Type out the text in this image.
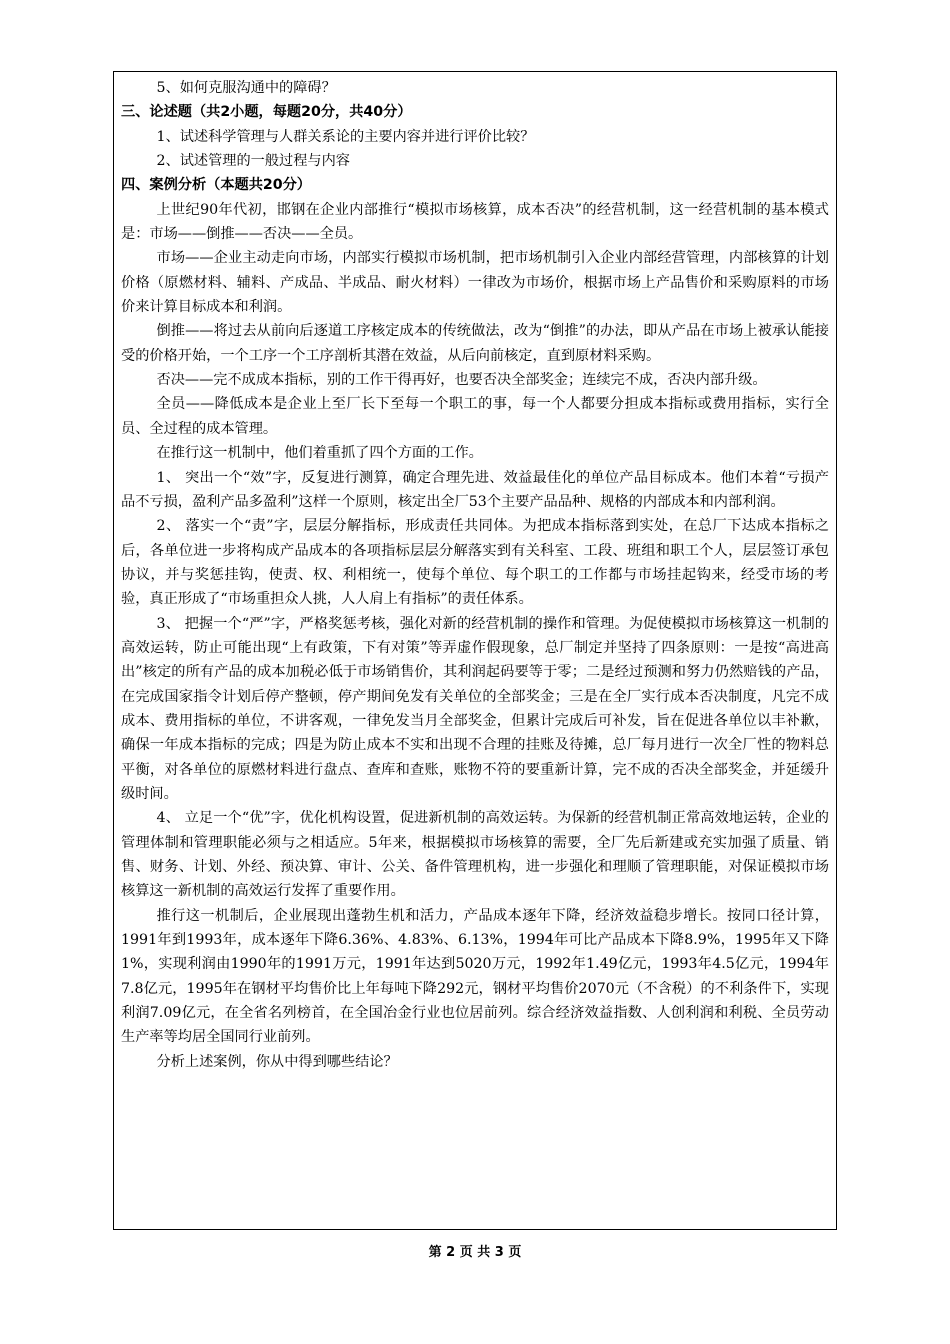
5、如何克服沟通中的障碍？

三、论述题（共2小题，每题20分，共40分）

1、试述科学管理与人群关系论的主要内容并进行评价比较？

2、试述管理的一般过程与内容

四、案例分析（本题共20分）

上世纪90年代初，邯钢在企业内部推行“模拟市场核算，成本否决”的经营机制，这一经营机制的基本模式是：市场——倒推——否决——全员。

市场——企业主动走向市场，内部实行模拟市场机制，把市场机制引入企业内部经营管理，内部核算的计划价格（原燃材料、辅料、产成品、半成品、耐火材料）一律改为市场价，根据市场上产品售价和采购原料的市场价来计算目标成本和利润。

倒推——将过去从前向后逐道工序核定成本的传统做法，改为“倒推”的办法，即从产品在市场上被承认能接受的价格开始，一个工序一个工序剖析其潜在效益，从后向前核定，直到原材料采购。

否决——完不成成本指标，别的工作干得再好，也要否决全部奖金；连续完不成，否决内部升级。

全员——降低成本是企业上至厂长下至每一个职工的事，每一个人都要分担成本指标或费用指标，实行全员、全过程的成本管理。

在推行这一机制中，他们着重抓了四个方面的工作。

1、 突出一个“效”字，反复进行测算，确定合理先进、效益最佳化的单位产品目标成本。他们本着“亏损产品不亏损，盈利产品多盈利”这样一个原则，核定出全厂53个主要产品品种、规格的内部成本和内部利润。

2、 落实一个“责”字，层层分解指标，形成责任共同体。为把成本指标落到实处，在总厂下达成本指标之后，各单位进一步将构成产品成本的各项指标层层分解落实到有关科室、工段、班组和职工个人，层层签订承包协议，并与奖惩挂钩，使责、权、利相统一，使每个单位、每个职工的工作都与市场挂起钩来，经受市场的考验，真正形成了“市场重担众人挑，人人肩上有指标”的责任体系。

3、 把握一个“严”字，严格奖惩考核，强化对新的经营机制的操作和管理。为促使模拟市场核算这一机制的高效运转，防止可能出现“上有政策，下有对策”等弄虚作假现象，总厂制定并坚持了四条原则：一是按“高进高出”核定的所有产品的成本加税必低于市场销售价，其利润起码要等于零；二是经过预测和努力仍然赔钱的产品，在完成国家指令计划后停产整顿，停产期间免发有关单位的全部奖金；三是在全厂实行成本否决制度，凡完不成成本、费用指标的单位，不讲客观，一律免发当月全部奖金，但累计完成后可补发，旨在促进各单位以丰补歉，确保一年成本指标的完成；四是为防止成本不实和出现不合理的挂账及待摊，总厂每月进行一次全厂性的物料总平衡，对各单位的原燃材料进行盘点、查库和查账，账物不符的要重新计算，完不成的否决全部奖金，并延缓升级时间。

4、 立足一个“优”字，优化机构设置，促进新机制的高效运转。为保新的经营机制正常高效地运转，企业的管理体制和管理职能必须与之相适应。5年来，根据模拟市场核算的需要，全厂先后新建或充实加强了质量、销售、财务、计划、外经、预决算、审计、公关、备件管理机构，进一步强化和理顺了管理职能，对保证模拟市场核算这一新机制的高效运行发挥了重要作用。

推行这一机制后，企业展现出蓬勃生机和活力，产品成本逐年下降，经济效益稳步增长。按同口径计算，1991年到1993年，成本逐年下降6.36%、4.83%、6.13%，1994年可比产品成本下降8.9%，1995年又下降1%，实现利润由1990年的1991万元，1991年达到5020万元，1992年1.49亿元，1993年4.5亿元，1994年7.8亿元，1995年在钢材平均售价比上年每吨下降292元，钢材平均售价2070元（不含税）的不利条件下，实现利润7.09亿元，在全省名列榜首，在全国冶金行业也位居前列。综合经济效益指数、人创利润和利税、全员劳动生产率等均居全国同行业前列。

分析上述案例，你从中得到哪些结论？

第 2 页 共 3 页
